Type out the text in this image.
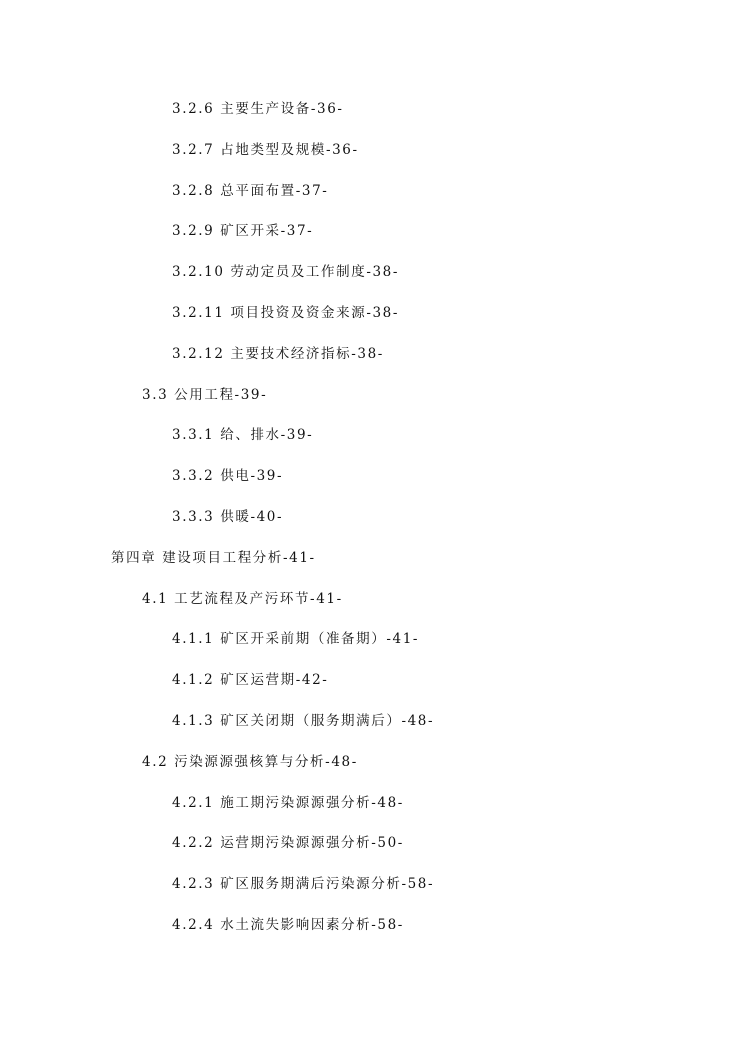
3.2.6 主要生产设备-36-
3.2.7 占地类型及规模-36-
3.2.8 总平面布置-37-
3.2.9 矿区开采-37-
3.2.10 劳动定员及工作制度-38-
3.2.11 项目投资及资金来源-38-
3.2.12 主要技术经济指标-38-
3.3 公用工程-39-
3.3.1 给、排水-39-
3.3.2 供电-39-
3.3.3 供暖-40-
第四章 建设项目工程分析-41-
4.1 工艺流程及产污环节-41-
4.1.1 矿区开采前期（准备期）-41-
4.1.2 矿区运营期-42-
4.1.3 矿区关闭期（服务期满后）-48-
4.2 污染源源强核算与分析-48-
4.2.1 施工期污染源源强分析-48-
4.2.2 运营期污染源源强分析-50-
4.2.3 矿区服务期满后污染源分析-58-
4.2.4 水土流失影响因素分析-58-
